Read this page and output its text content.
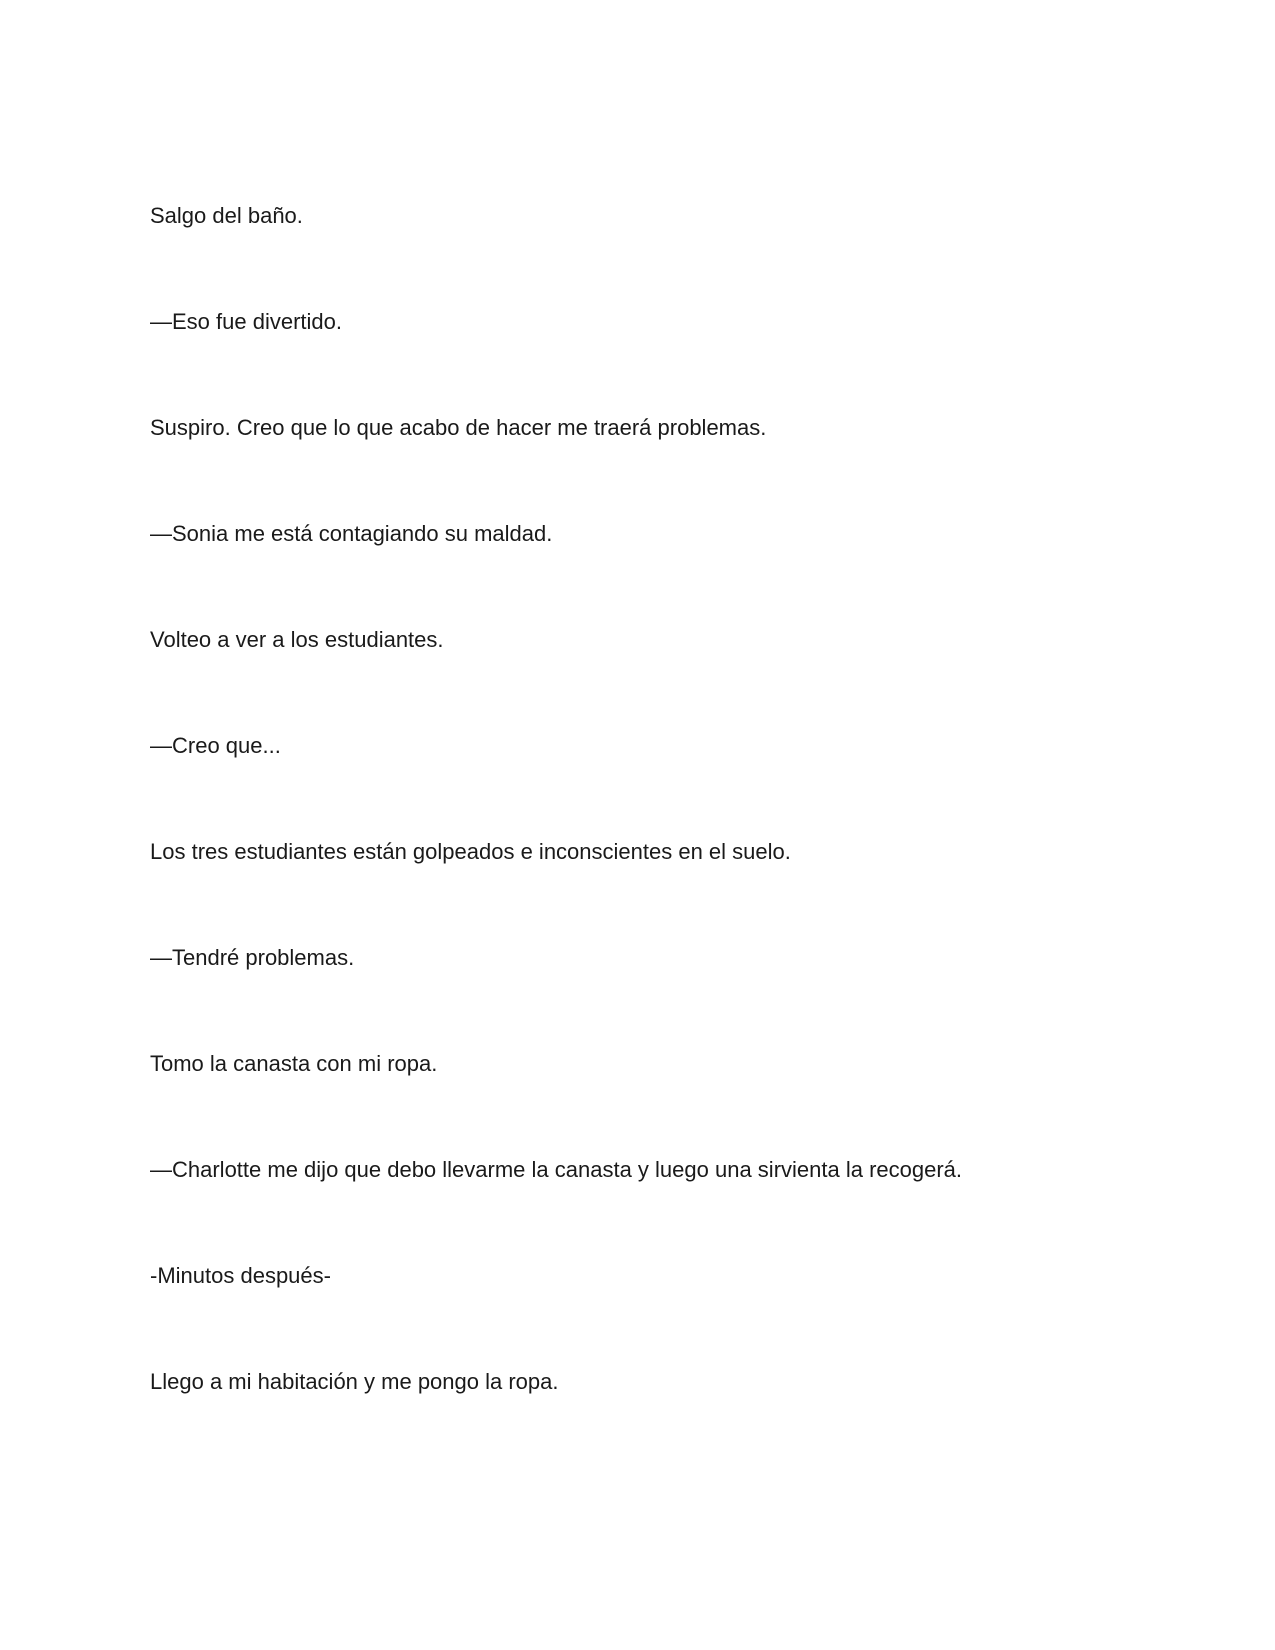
Salgo del baño.

—Eso fue divertido.

Suspiro. Creo que lo que acabo de hacer me traerá problemas.

—Sonia me está contagiando su maldad.

Volteo a ver a los estudiantes.

—Creo que...

Los tres estudiantes están golpeados e inconscientes en el suelo.

—Tendré problemas.

Tomo la canasta con mi ropa.

—Charlotte me dijo que debo llevarme la canasta y luego una sirvienta la recogerá.

-Minutos después-

Llego a mi habitación y me pongo la ropa.
